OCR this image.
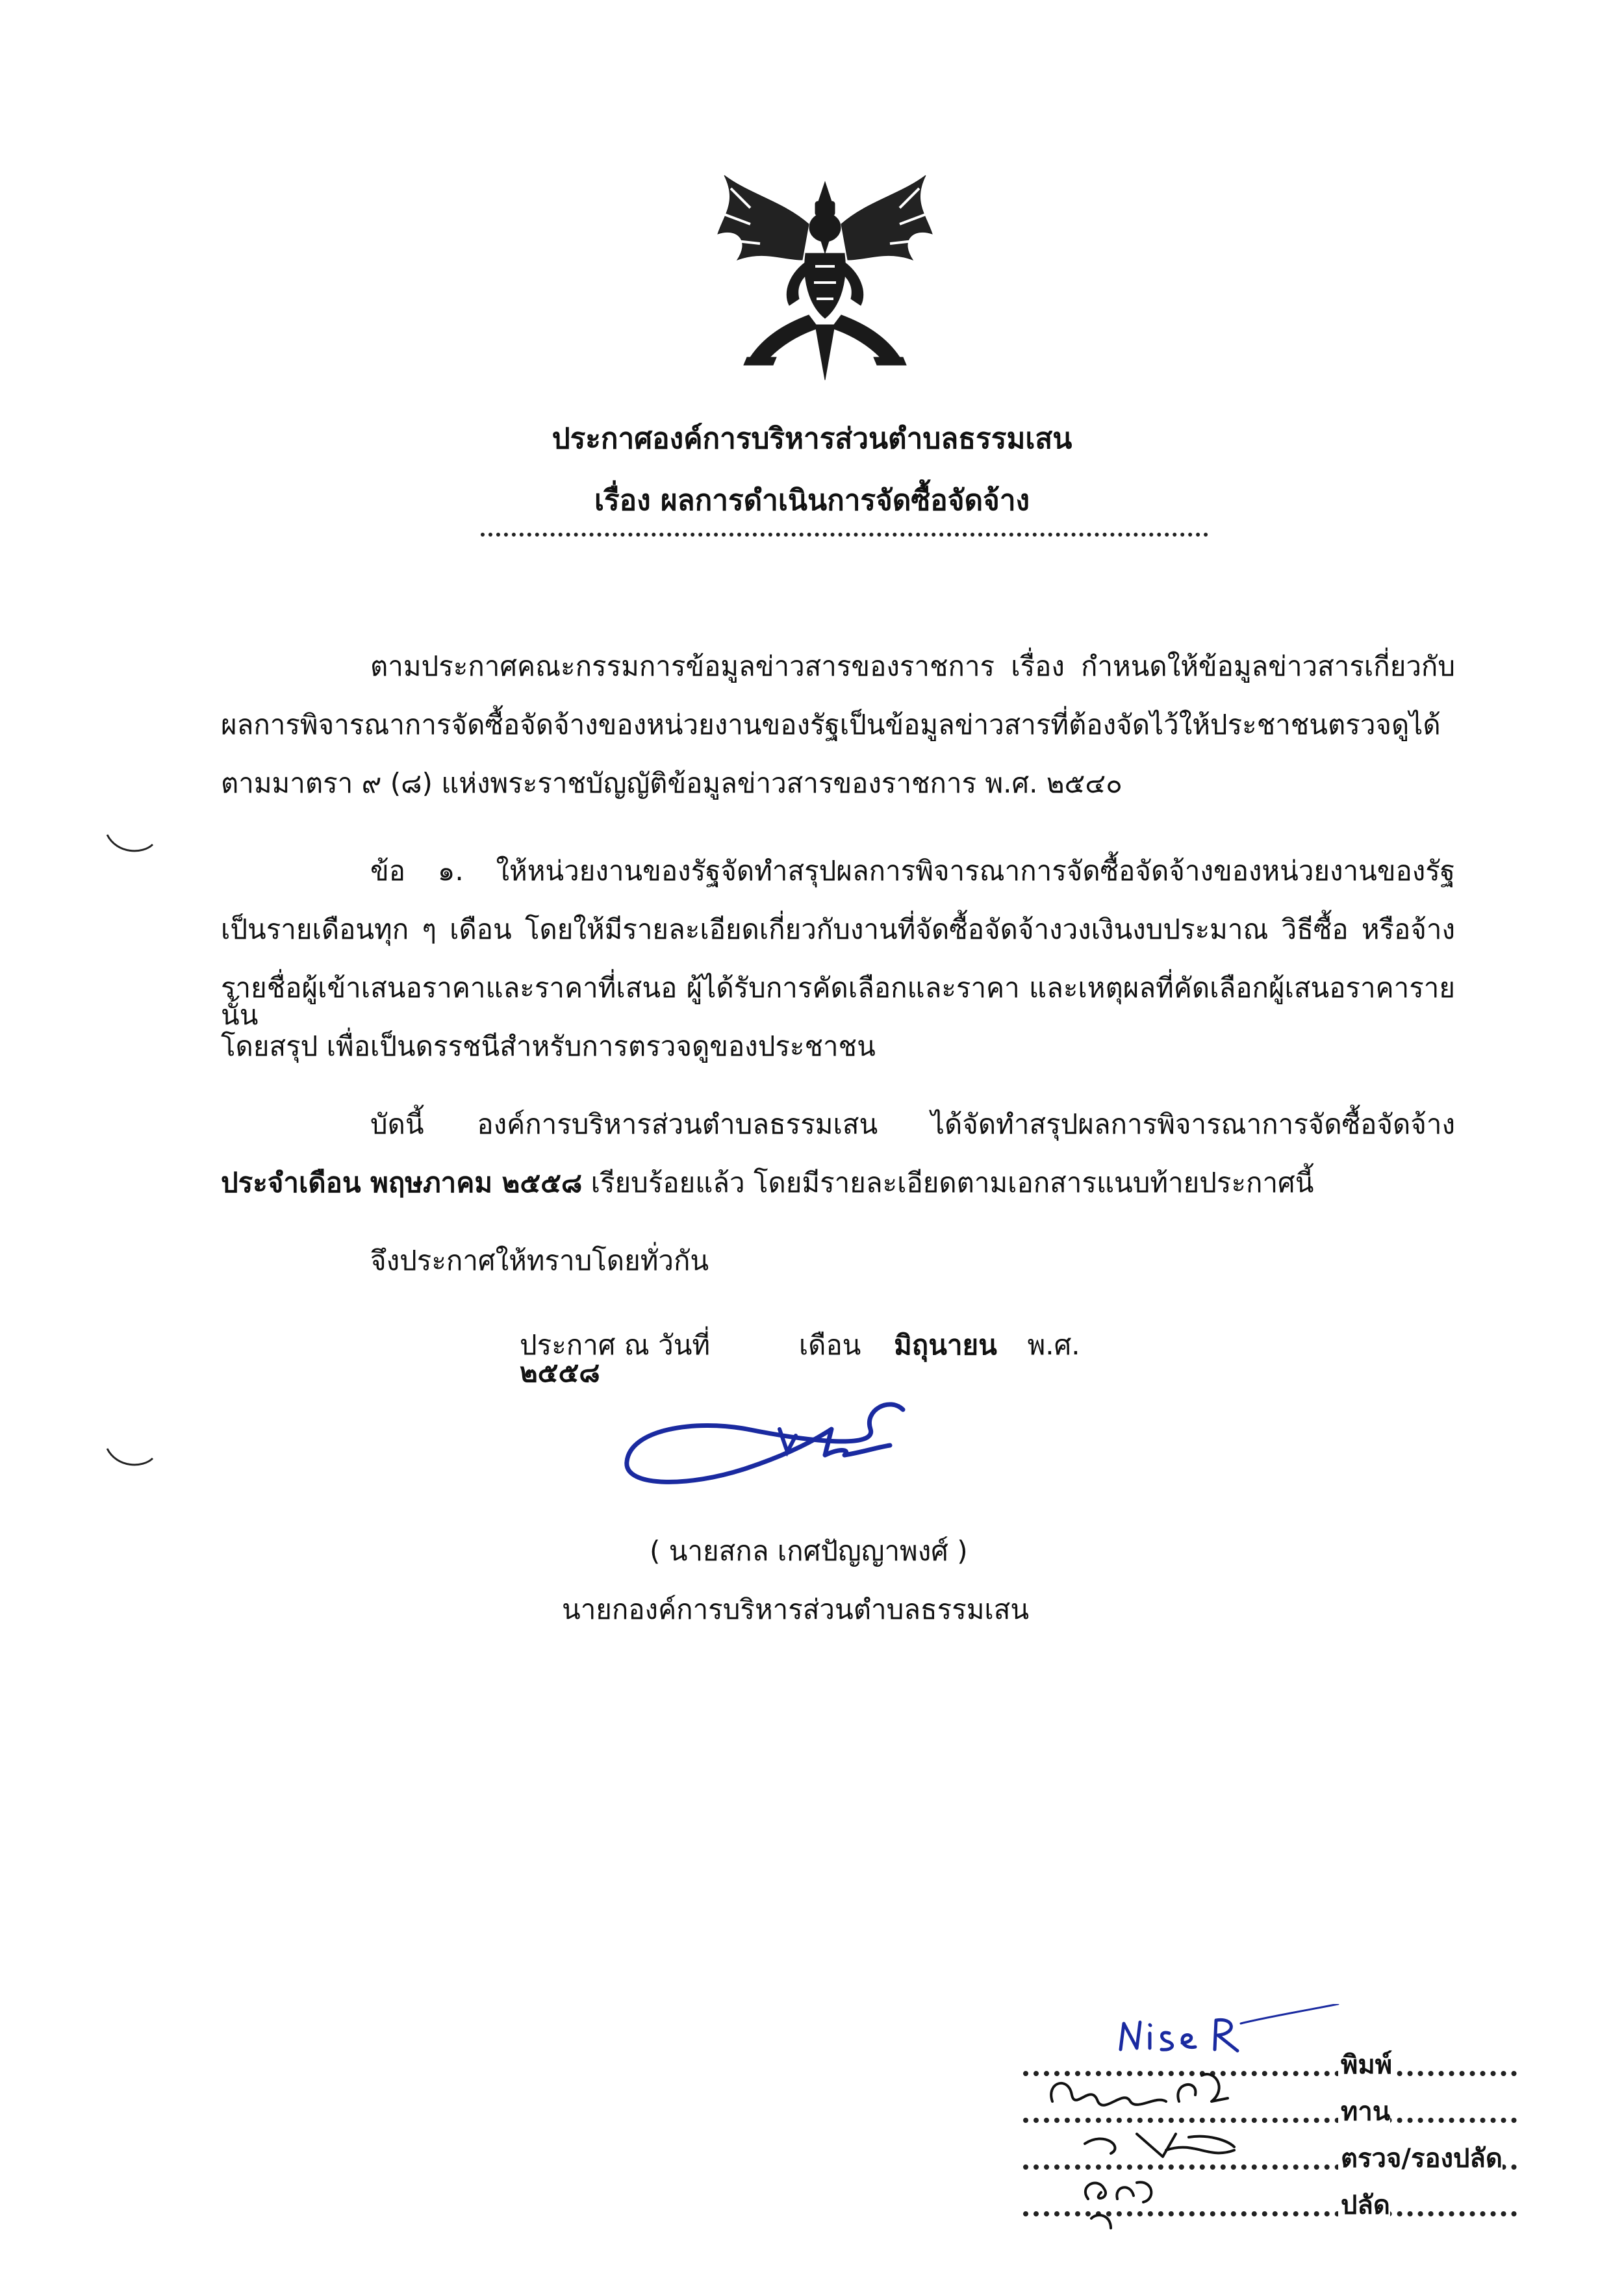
ประกาศองค์การบริหารส่วนตำบลธรรมเสน
เรื่อง ผลการดำเนินการจัดซื้อจัดจ้าง
ตามประกาศคณะกรรมการข้อมูลข่าวสารของราชการ เรื่อง กำหนดให้ข้อมูลข่าวสารเกี่ยวกับ
ผลการพิจารณาการจัดซื้อจัดจ้างของหน่วยงานของรัฐเป็นข้อมูลข่าวสารที่ต้องจัดไว้ให้ประชาชนตรวจดูได้
ตามมาตรา ๙ (๘) แห่งพระราชบัญญัติข้อมูลข่าวสารของราชการ พ.ศ. ๒๕๔๐
ข้อ ๑. ให้หน่วยงานของรัฐจัดทำสรุปผลการพิจารณาการจัดซื้อจัดจ้างของหน่วยงานของรัฐ
เป็นรายเดือนทุก ๆ เดือน โดยให้มีรายละเอียดเกี่ยวกับงานที่จัดซื้อจัดจ้างวงเงินงบประมาณ วิธีซื้อ หรือจ้าง
รายชื่อผู้เข้าเสนอราคาและราคาที่เสนอ ผู้ได้รับการคัดเลือกและราคา และเหตุผลที่คัดเลือกผู้เสนอราคารายนั้น
โดยสรุป เพื่อเป็นดรรชนีสำหรับการตรวจดูของประชาชน
บัดนี้ องค์การบริหารส่วนตำบลธรรมเสน ได้จัดทำสรุปผลการพิจารณาการจัดซื้อจัดจ้าง
ประจำเดือน พฤษภาคม ๒๕๕๘ เรียบร้อยแล้ว โดยมีรายละเอียดตามเอกสารแนบท้ายประกาศนี้
จึงประกาศให้ทราบโดยทั่วกัน
ประกาศ ณ วันที่	เดือน มิถุนายน พ.ศ.  ๒๕๕๘
( นายสกล เกศปัญญาพงศ์ )
นายกองค์การบริหารส่วนตำบลธรรมเสน
พิมพ์
ทาน
ตรวจ/รองปลัด
ปลัด
